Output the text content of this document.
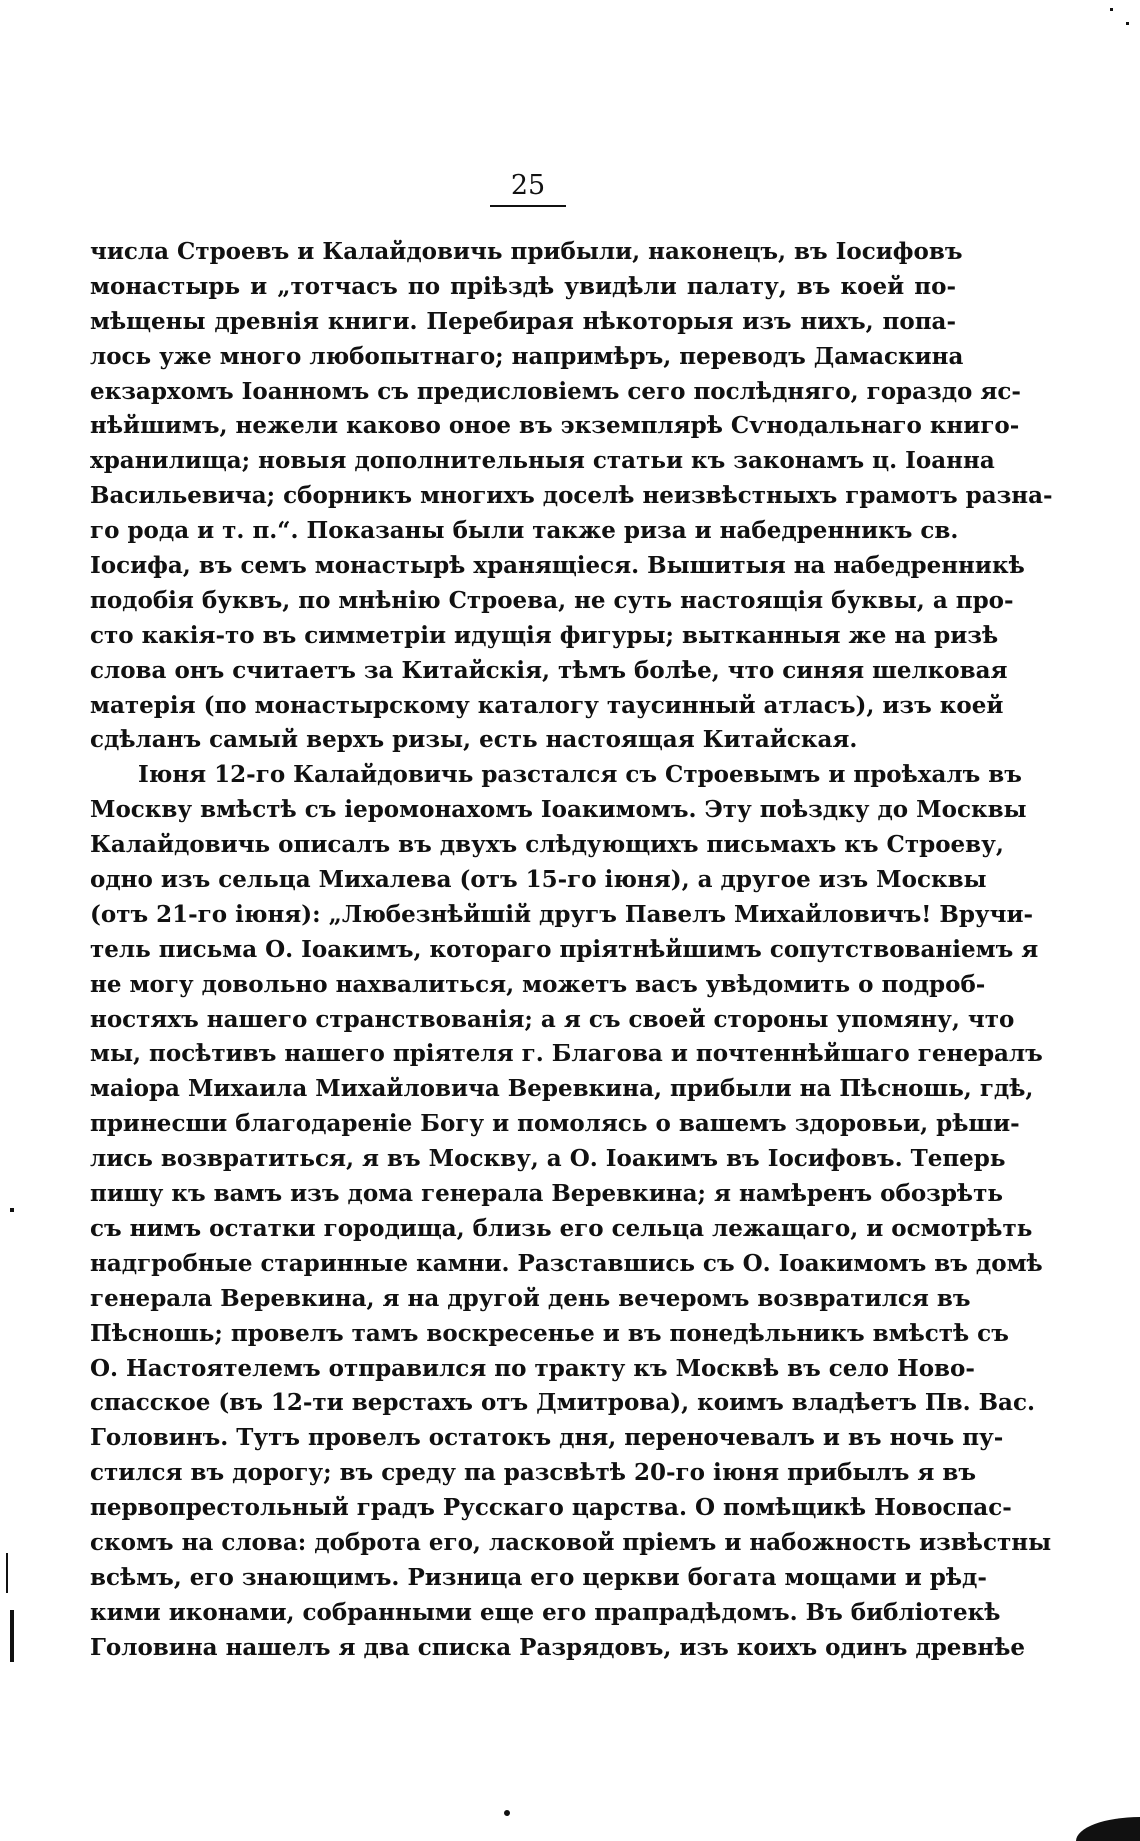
25
числа Строевъ и Калайдовичь прибыли, наконецъ, въ Іосифовъ
монастырь и „тотчасъ по пріѣздѣ увидѣли палату, въ коей по-
мѣщены древнія книги. Перебирая нѣкоторыя изъ нихъ, попа-
лось уже много любопытнаго; напримѣръ, переводъ Дамаскина
екзархомъ Іоанномъ съ предисловіемъ сего послѣдняго, гораздо яс-
нѣйшимъ, нежели каково оное въ экземплярѣ Сѵнодальнаго книго-
хранилища; новыя дополнительныя статьи къ законамъ ц. Іоанна
Васильевича; сборникъ многихъ доселѣ неизвѣстныхъ грамотъ разна-
го рода и т. п.“. Показаны были также риза и набедренникъ св.
Іосифа, въ семъ монастырѣ хранящіеся. Вышитыя на набедренникѣ
подобія буквъ, по мнѣнію Строева, не суть настоящія буквы, а про-
сто какія-то въ симметріи идущія фигуры; вытканныя же на ризѣ
слова онъ считаетъ за Китайскія, тѣмъ болѣе, что синяя шелковая
матерія (по монастырскому каталогу таусинный атласъ), изъ коей
сдѣланъ самый верхъ ризы, есть настоящая Китайская.
Іюня 12-го Калайдовичь разстался съ Строевымъ и проѣхалъ въ
Москву вмѣстѣ съ іеромонахомъ Іоакимомъ. Эту поѣздку до Москвы
Калайдовичь описалъ въ двухъ слѣдующихъ письмахъ къ Строеву,
одно изъ сельца Михалева (отъ 15-го іюня), а другое изъ Москвы
(отъ 21-го іюня): „Любезнѣйшій другъ Павелъ Михайловичъ! Вручи-
тель письма О. Іоакимъ, котораго пріятнѣйшимъ сопутствованіемъ я
не могу довольно нахвалиться, можетъ васъ увѣдомить о подроб-
ностяхъ нашего странствованія; а я съ своей стороны упомяну, что
мы, посѣтивъ нашего пріятеля г. Благова и почтеннѣйшаго генералъ
маіора Михаила Михайловича Веревкина, прибыли на Пѣсношь, гдѣ,
принесши благодареніе Богу и помолясь о вашемъ здоровьи, рѣши-
лись возвратиться, я въ Москву, а О. Іоакимъ въ Іосифовъ. Теперь
пишу къ вамъ изъ дома генерала Веревкина; я намѣренъ обозрѣть
съ нимъ остатки городища, близь его сельца лежащаго, и осмотрѣть
надгробные старинные камни. Разставшись съ О. Іоакимомъ въ домѣ
генерала Веревкина, я на другой день вечеромъ возвратился въ
Пѣсношь; провелъ тамъ воскресенье и въ понедѣльникъ вмѣстѣ съ
О. Настоятелемъ отправился по тракту къ Москвѣ въ село Ново-
спасское (въ 12-ти верстахъ отъ Дмитрова), коимъ владѣетъ Пв. Вас.
Головинъ. Тутъ провелъ остатокъ дня, переночевалъ и въ ночь пу-
стился въ дорогу; въ среду па разсвѣтѣ 20-го іюня прибылъ я въ
первопрестольный градъ Русскаго царства. О помѣщикѣ Новоспас-
скомъ на слова: доброта его, ласковой пріемъ и набожность извѣстны
всѣмъ, его знающимъ. Ризница его церкви богата мощами и рѣд-
кими иконами, собранными еще его прапрадѣдомъ. Въ библіотекѣ
Головина нашелъ я два списка Разрядовъ, изъ коихъ одинъ древнѣе
